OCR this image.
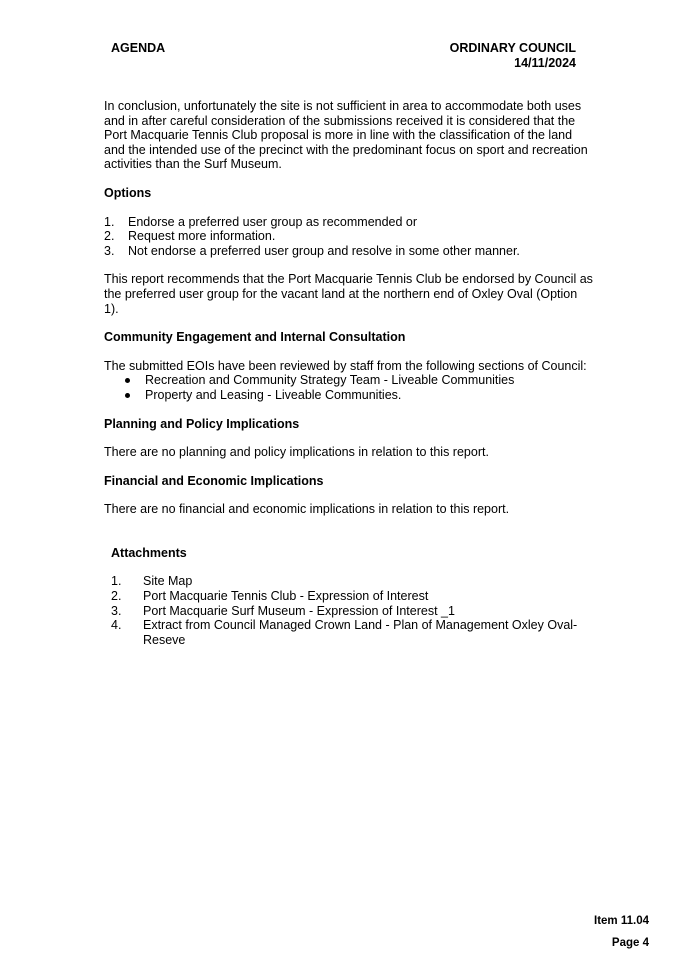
AGENDA	ORDINARY COUNCIL
14/11/2024

In conclusion, unfortunately the site is not sufficient in area to accommodate both uses and in after careful consideration of the submissions received it is considered that the Port Macquarie Tennis Club proposal is more in line with the classification of the land and the intended use of the precinct with the predominant focus on sport and recreation activities than the Surf Museum.

Options

1. Endorse a preferred user group as recommended or
2. Request more information.
3. Not endorse a preferred user group and resolve in some other manner.

This report recommends that the Port Macquarie Tennis Club be endorsed by Council as the preferred user group for the vacant land at the northern end of Oxley Oval (Option 1).

Community Engagement and Internal Consultation

The submitted EOIs have been reviewed by staff from the following sections of Council:

Recreation and Community Strategy Team - Liveable Communities
Property and Leasing - Liveable Communities.

Planning and Policy Implications

There are no planning and policy implications in relation to this report.

Financial and Economic Implications

There are no financial and economic implications in relation to this report.

Attachments

1. Site Map
2. Port Macquarie Tennis Club - Expression of Interest
3. Port Macquarie Surf Museum - Expression of Interest _1
4. Extract from Council Managed Crown Land - Plan of Management Oxley Oval- Reseve
Item 11.04
Page 4
